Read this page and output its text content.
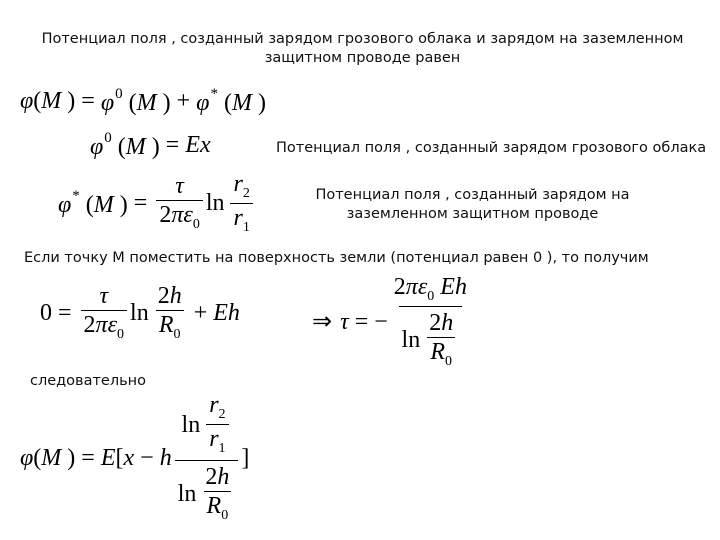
Потенциал поля , созданный зарядом грозового облака и зарядом на заземленном защитном проводе равен
Потенциал поля , созданный зарядом грозового облака
Потенциал поля , созданный зарядом на заземленном защитном проводе
Если точку М поместить на поверхность земли (потенциал равен 0 ), то получим
следовательно
φ(M ) = $\varphi^0$ (M ) + φ* (M )
$\varphi^0$ (M ) = Ex
φ* (M ) = $\frac{\tau}{2\pi\varepsilon_0}$ $\ln \frac{r_2}{r_1}$
$0 = \frac{\tau}{2\pi\varepsilon_0}$ $\ln \frac{2h}{R_0} + Eh$	⇒ τ = − $\frac{2\pi\varepsilon_0 Eh}{\ln \frac{2h}{R_0}}$
φ(M ) = E[x − h $\frac{\ln \frac{r_2}{r_1}}{\ln \frac{2h}{R_0}}$ ]
